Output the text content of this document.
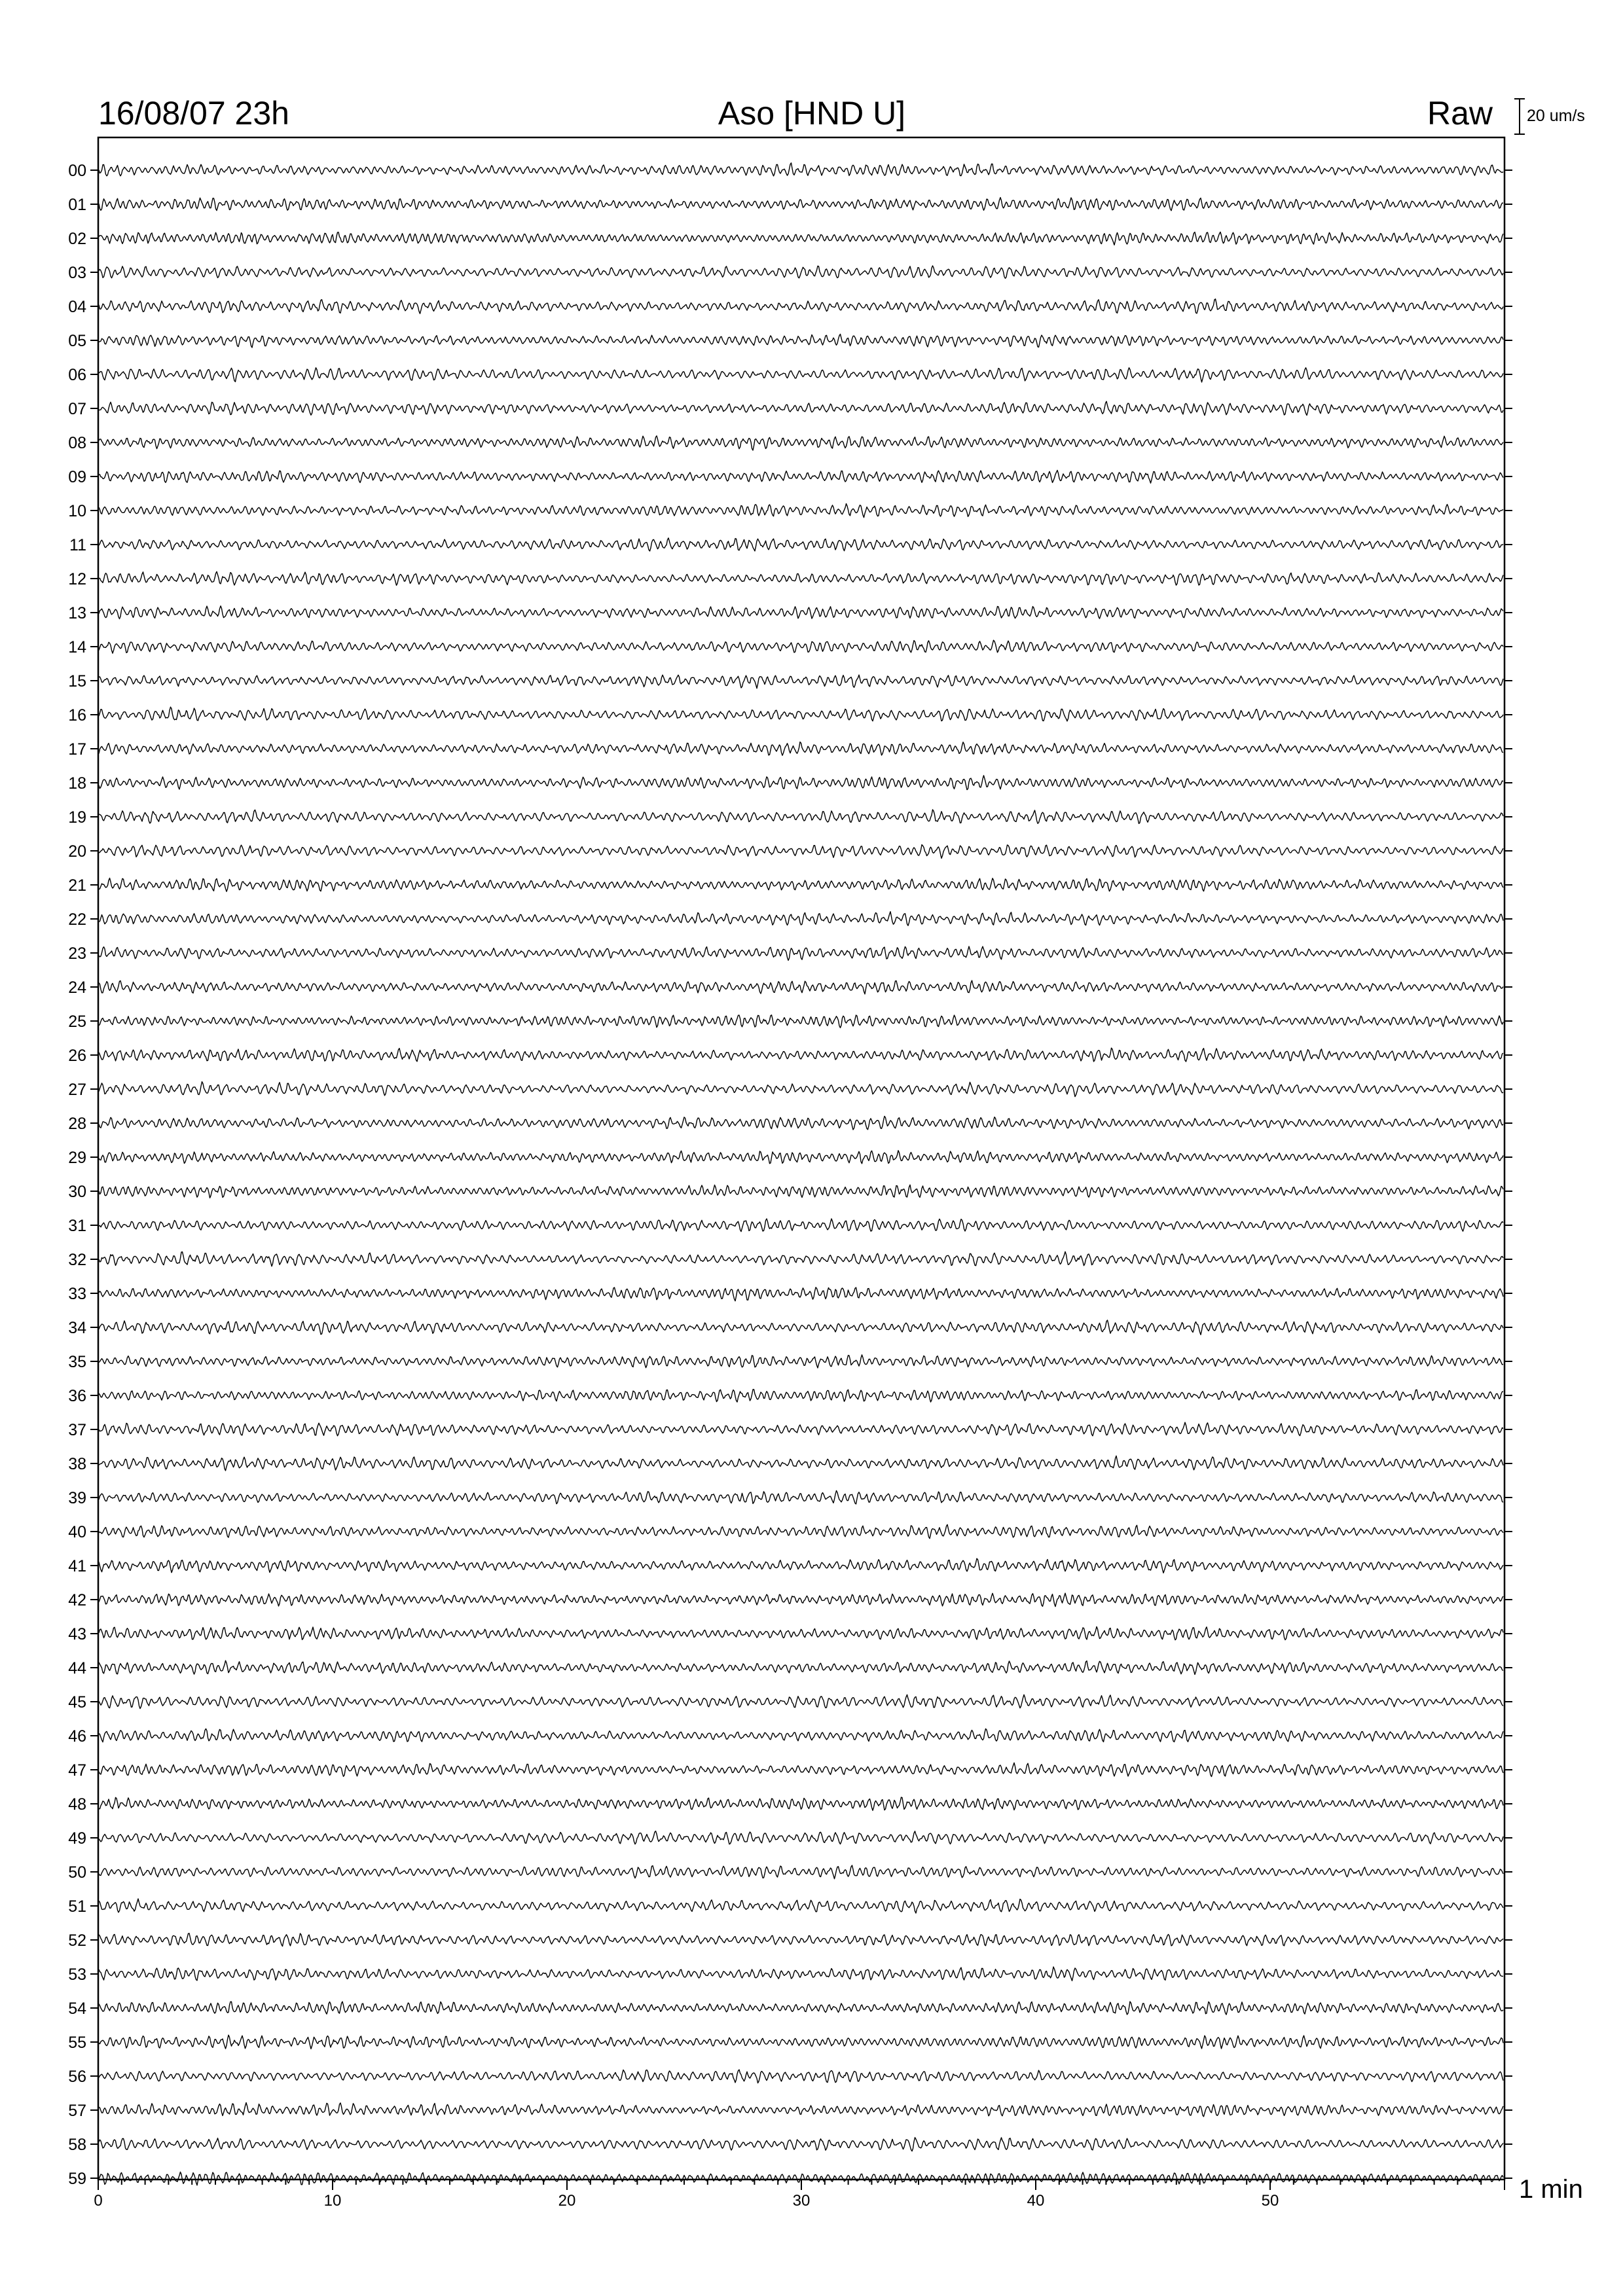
16/08/07 23h	Aso [HND U]	Raw 20 um/s
1 min
00
01
02
03
04
05
06
07
08
09
10
11
12
13
14
15
16
17
18
19
20
21
22
23
24
25
26
27
28
29
30
31
32
33
34
35
36
37
38
39
40
41
42
43
44
45
46
47
48
49
50
51
52
53
54
55
56
57
58
59
0	10	20	30	40	50
